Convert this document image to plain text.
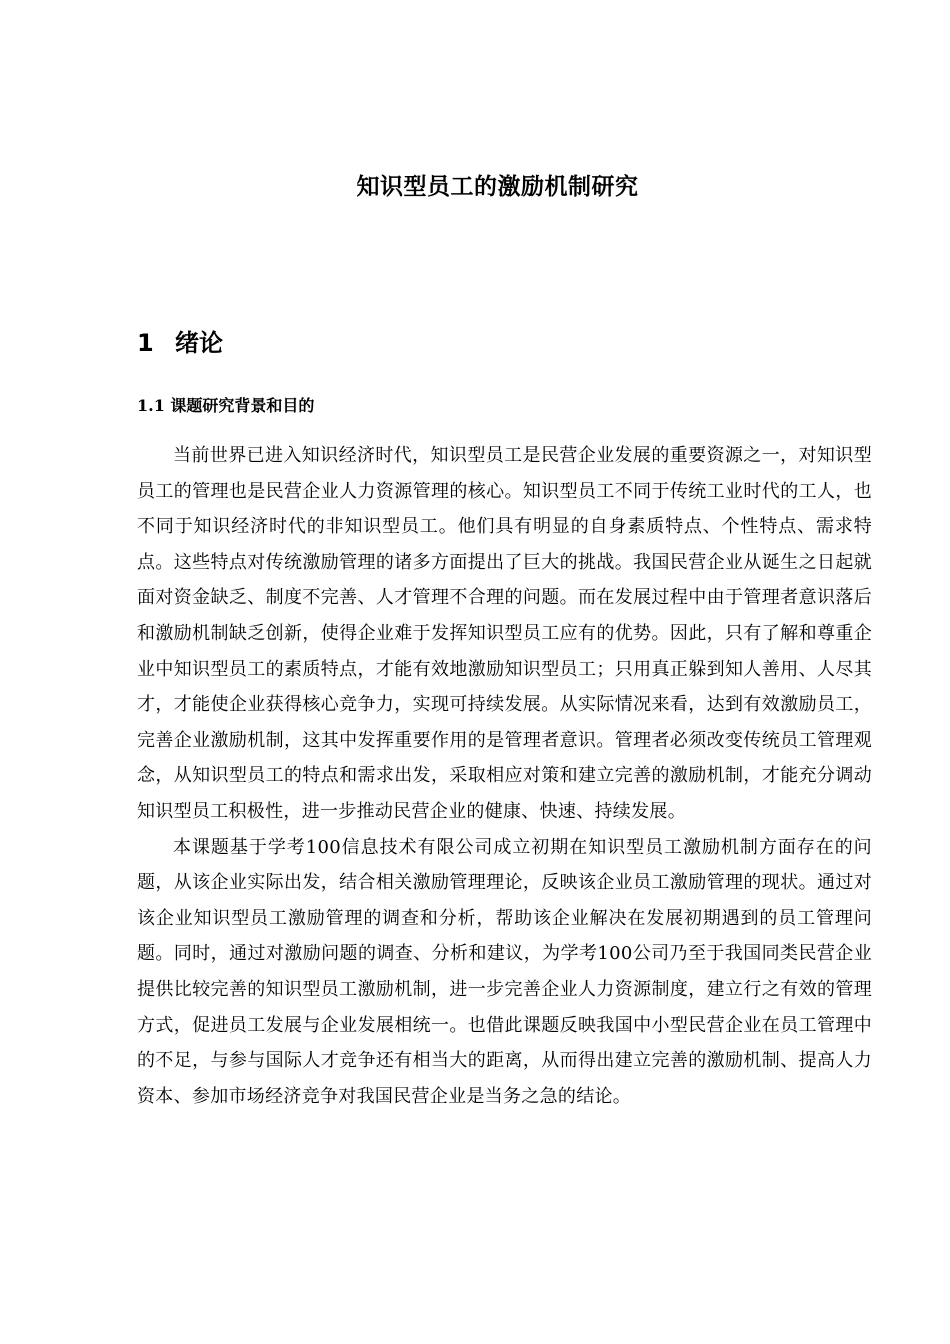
知识型员工的激励机制研究
1 绪论
1.1 课题研究背景和目的

当前世界已进入知识经济时代，知识型员工是民营企业发展的重要资源之一，对知识型员工的管理也是民营企业人力资源管理的核心。知识型员工不同于传统工业时代的工人，也不同于知识经济时代的非知识型员工。他们具有明显的自身素质特点、个性特点、需求特点。这些特点对传统激励管理的诸多方面提出了巨大的挑战。我国民营企业从诞生之日起就面对资金缺乏、制度不完善、人才管理不合理的问题。而在发展过程中由于管理者意识落后和激励机制缺乏创新，使得企业难于发挥知识型员工应有的优势。因此，只有了解和尊重企业中知识型员工的素质特点，才能有效地激励知识型员工；只用真正躲到知人善用、人尽其才，才能使企业获得核心竞争力，实现可持续发展。从实际情况来看，达到有效激励员工，完善企业激励机制，这其中发挥重要作用的是管理者意识。管理者必须改变传统员工管理观念，从知识型员工的特点和需求出发，采取相应对策和建立完善的激励机制，才能充分调动知识型员工积极性，进一步推动民营企业的健康、快速、持续发展。

本课题基于学考100信息技术有限公司成立初期在知识型员工激励机制方面存在的问题，从该企业实际出发，结合相关激励管理理论，反映该企业员工激励管理的现状。通过对该企业知识型员工激励管理的调查和分析，帮助该企业解决在发展初期遇到的员工管理问题。同时，通过对激励问题的调查、分析和建议，为学考100公司乃至于我国同类民营企业提供比较完善的知识型员工激励机制，进一步完善企业人力资源制度，建立行之有效的管理方式，促进员工发展与企业发展相统一。也借此课题反映我国中小型民营企业在员工管理中的不足，与参与国际人才竞争还有相当大的距离，从而得出建立完善的激励机制、提高人力资本、参加市场经济竞争对我国民营企业是当务之急的结论。
